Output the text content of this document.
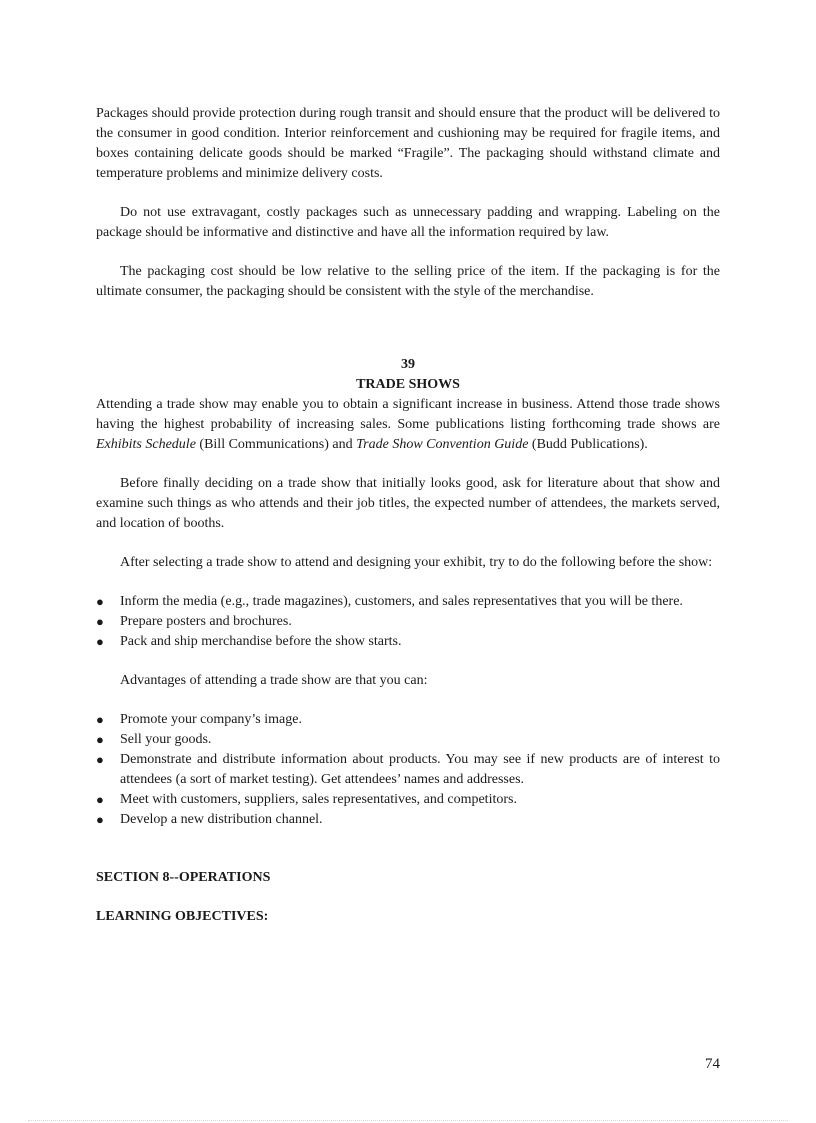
Packages should provide protection during rough transit and should ensure that the product will be delivered to the consumer in good condition. Interior reinforcement and cushioning may be required for fragile items, and boxes containing delicate goods should be marked “Fragile”. The packaging should withstand climate and temperature problems and minimize delivery costs.

Do not use extravagant, costly packages such as unnecessary padding and wrapping. Labeling on the package should be informative and distinctive and have all the information required by law.

The packaging cost should be low relative to the selling price of the item. If the packaging is for the ultimate consumer, the packaging should be consistent with the style of the merchandise.

39

TRADE SHOWS

Attending a trade show may enable you to obtain a significant increase in business. Attend those trade shows having the highest probability of increasing sales. Some publications listing forthcoming trade shows are Exhibits Schedule (Bill Communications) and Trade Show Convention Guide (Budd Publications).

Before finally deciding on a trade show that initially looks good, ask for literature about that show and examine such things as who attends and their job titles, the expected number of attendees, the markets served, and location of booths.

After selecting a trade show to attend and designing your exhibit, try to do the following before the show:

●	Inform the media (e.g., trade magazines), customers, and sales representatives that you will be there.
●	Prepare posters and brochures.
●	Pack and ship merchandise before the show starts.

Advantages of attending a trade show are that you can:

●	Promote your company’s image.
●	Sell your goods.
●	Demonstrate and distribute information about products. You may see if new products are of interest to attendees (a sort of market testing). Get attendees’ names and addresses.
●	Meet with customers, suppliers, sales representatives, and competitors.
●	Develop a new distribution channel.

SECTION 8--OPERATIONS

LEARNING OBJECTIVES:

74
